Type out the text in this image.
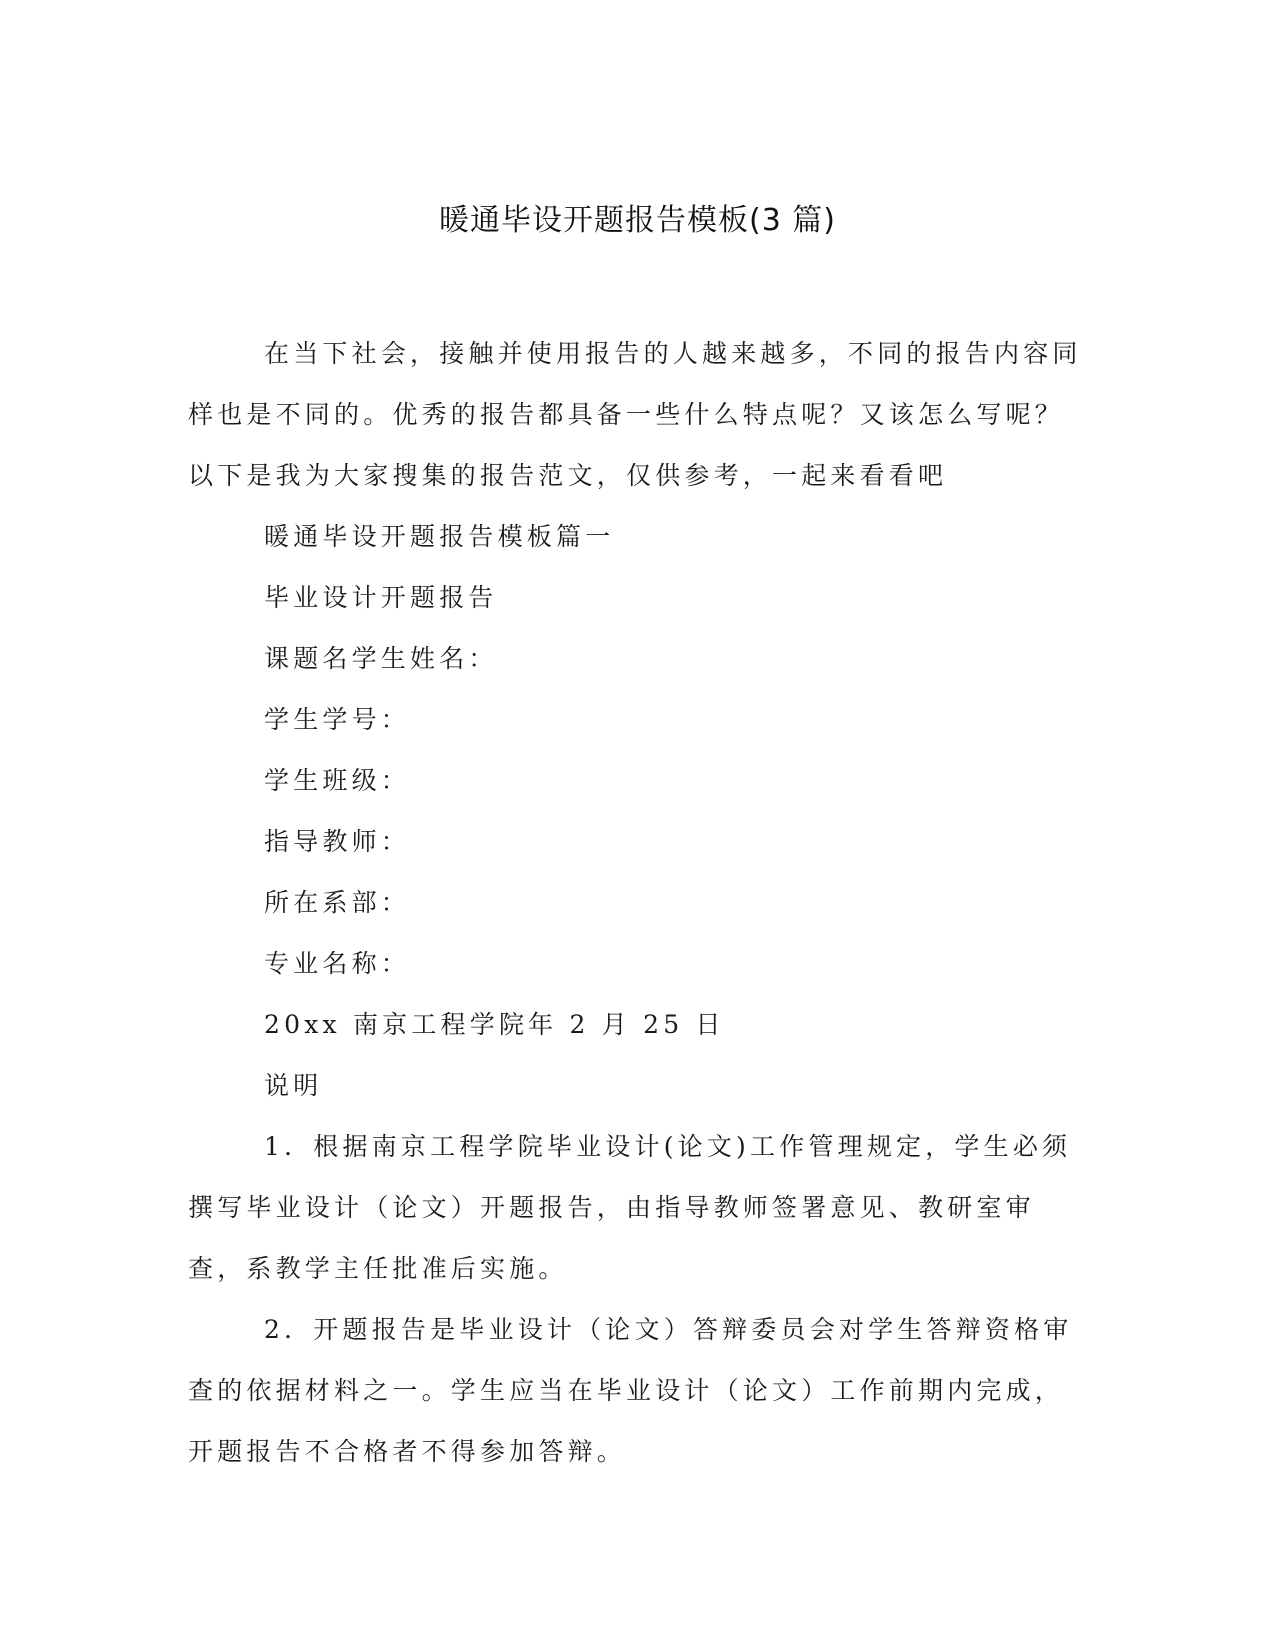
暖通毕设开题报告模板(3 篇)

在当下社会，接触并使用报告的人越来越多，不同的报告内容同样也是不同的。优秀的报告都具备一些什么特点呢？又该怎么写呢？以下是我为大家搜集的报告范文，仅供参考，一起来看看吧

暖通毕设开题报告模板篇一

毕业设计开题报告

课题名学生姓名：

学生学号：

学生班级：

指导教师：

所在系部：

专业名称：

20xx 南京工程学院年 2 月 25 日

说明

1．根据南京工程学院毕业设计(论文)工作管理规定，学生必须撰写毕业设计（论文）开题报告，由指导教师签署意见、教研室审查，系教学主任批准后实施。

2．开题报告是毕业设计（论文）答辩委员会对学生答辩资格审查的依据材料之一。学生应当在毕业设计（论文）工作前期内完成，开题报告不合格者不得参加答辩。
